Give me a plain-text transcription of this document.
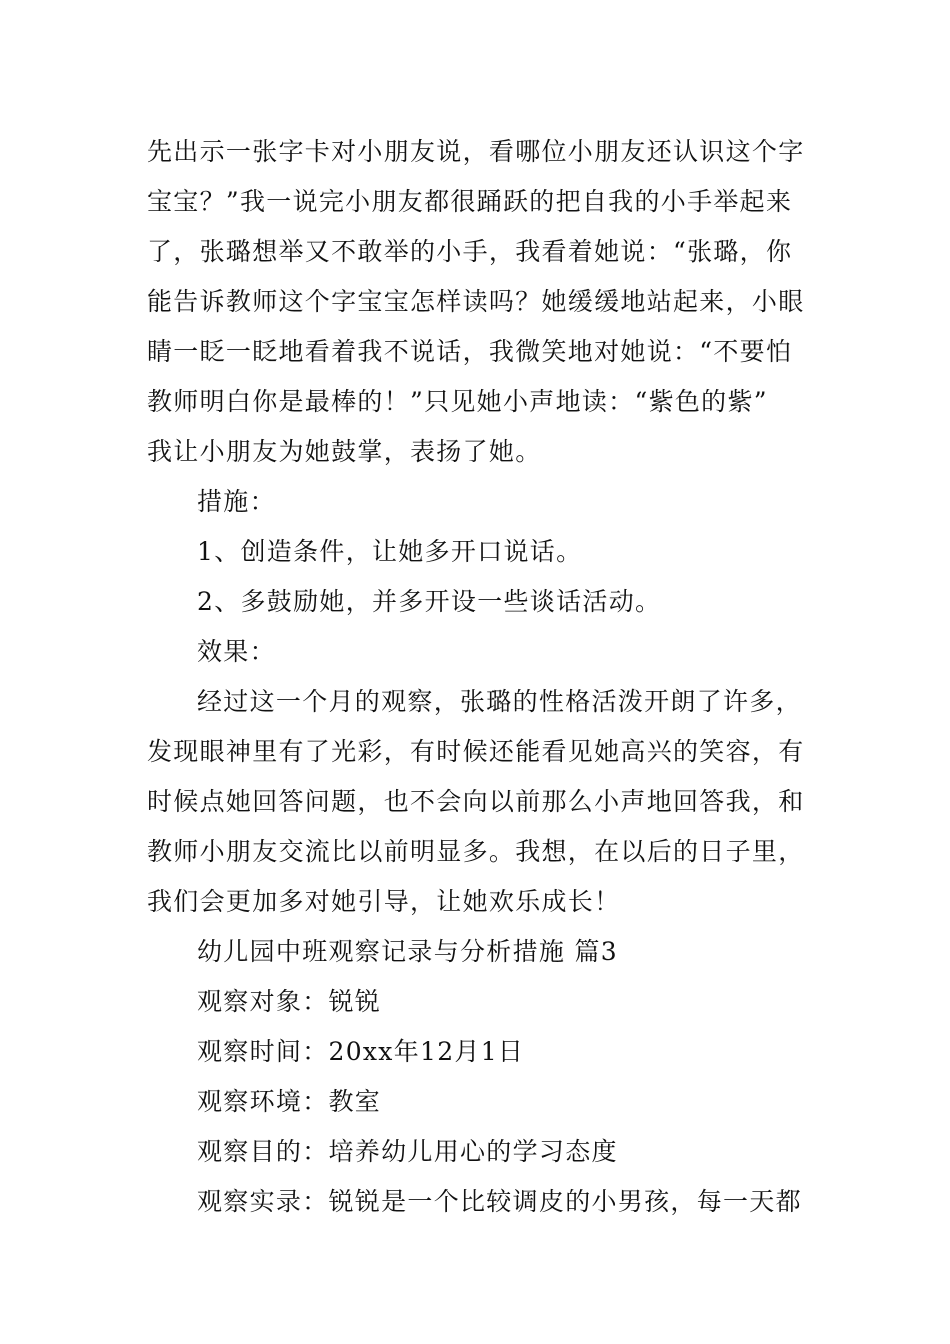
先出示一张字卡对小朋友说，看哪位小朋友还认识这个字
宝宝？”我一说完小朋友都很踊跃的把自我的小手举起来
了，张璐想举又不敢举的小手，我看着她说：“张璐，你
能告诉教师这个字宝宝怎样读吗？她缓缓地站起来，小眼
睛一眨一眨地看着我不说话，我微笑地对她说：“不要怕
教师明白你是最棒的！”只见她小声地读：“紫色的紫”
我让小朋友为她鼓掌，表扬了她。
措施：
1、创造条件，让她多开口说话。
2、多鼓励她，并多开设一些谈话活动。
效果：
经过这一个月的观察，张璐的性格活泼开朗了许多，
发现眼神里有了光彩，有时候还能看见她高兴的笑容，有
时候点她回答问题，也不会向以前那么小声地回答我，和
教师小朋友交流比以前明显多。我想，在以后的日子里，
我们会更加多对她引导，让她欢乐成长！
幼儿园中班观察记录与分析措施 篇3
观察对象：锐锐
观察时间：20xx年12月1日
观察环境：教室
观察目的：培养幼儿用心的学习态度
观察实录：锐锐是一个比较调皮的小男孩，每一天都
